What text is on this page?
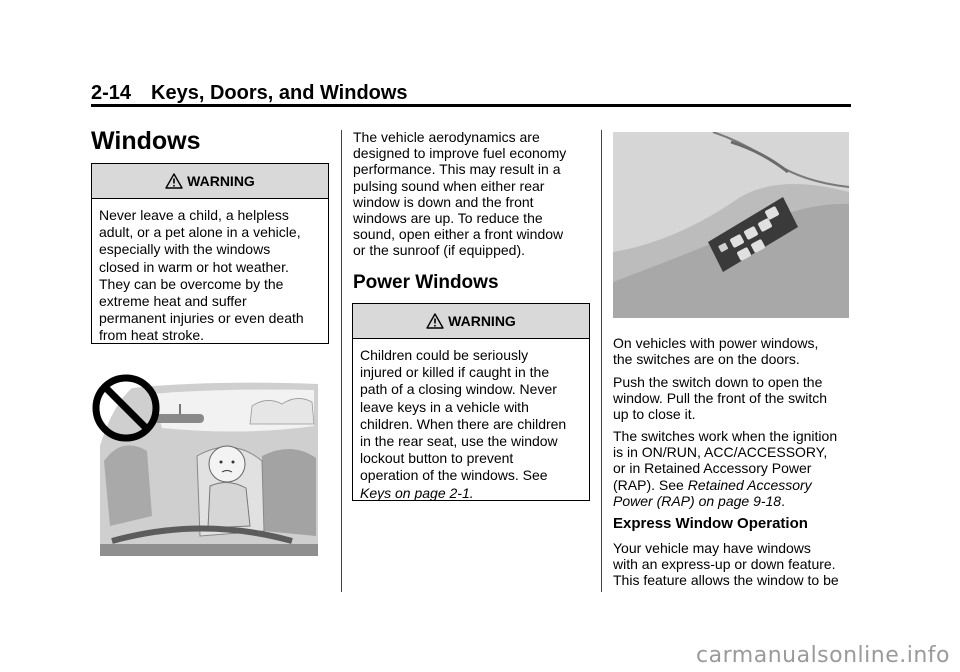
2-14 Keys, Doors, and Windows
Windows
WARNING
Never leave a child, a helpless
adult, or a pet alone in a vehicle,
especially with the windows
closed in warm or hot weather.
They can be overcome by the
extreme heat and suffer
permanent injuries or even death
from heat stroke.
The vehicle aerodynamics are
designed to improve fuel economy
performance. This may result in a
pulsing sound when either rear
window is down and the front
windows are up. To reduce the
sound, open either a front window
or the sunroof (if equipped).
Power Windows
WARNING
Children could be seriously
injured or killed if caught in the
path of a closing window. Never
leave keys in a vehicle with
children. When there are children
in the rear seat, use the window
lockout button to prevent
operation of the windows. See
Keys on page 2-1.
On vehicles with power windows,
the switches are on the doors.
Push the switch down to open the
window. Pull the front of the switch
up to close it.
The switches work when the ignition
is in ON/RUN, ACC/ACCESSORY,
or in Retained Accessory Power
(RAP). See Retained Accessory
Power (RAP) on page 9-18.
Express Window Operation
Your vehicle may have windows
with an express-up or down feature.
This feature allows the window to be
carmanualsonline.info
